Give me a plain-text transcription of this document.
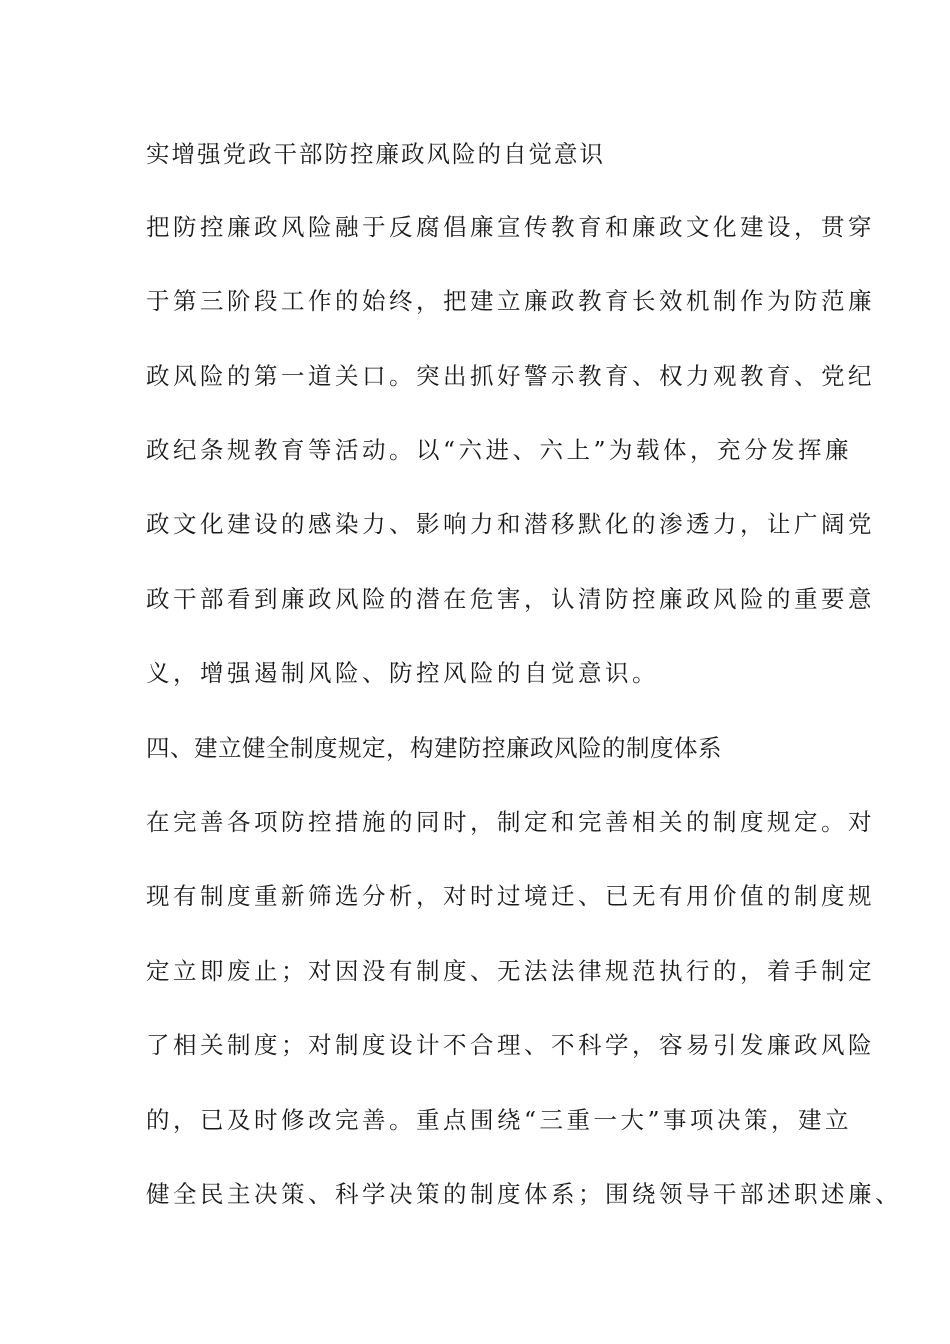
实增强党政干部防控廉政风险的自觉意识

把防控廉政风险融于反腐倡廉宣传教育和廉政文化建设，贯穿

于第三阶段工作的始终，把建立廉政教育长效机制作为防范廉

政风险的第一道关口。突出抓好警示教育、权力观教育、党纪

政纪条规教育等活动。以“六进、六上”为载体，充分发挥廉

政文化建设的感染力、影响力和潜移默化的渗透力，让广阔党

政干部看到廉政风险的潜在危害，认清防控廉政风险的重要意

义，增强遏制风险、防控风险的自觉意识。

四、建立健全制度规定，构建防控廉政风险的制度体系

在完善各项防控措施的同时，制定和完善相关的制度规定。对

现有制度重新筛选分析，对时过境迁、已无有用价值的制度规

定立即废止；对因没有制度、无法法律规范执行的，着手制定

了相关制度；对制度设计不合理、不科学，容易引发廉政风险

的，已及时修改完善。重点围绕“三重一大”事项决策，建立

健全民主决策、科学决策的制度体系；围绕领导干部述职述廉、
